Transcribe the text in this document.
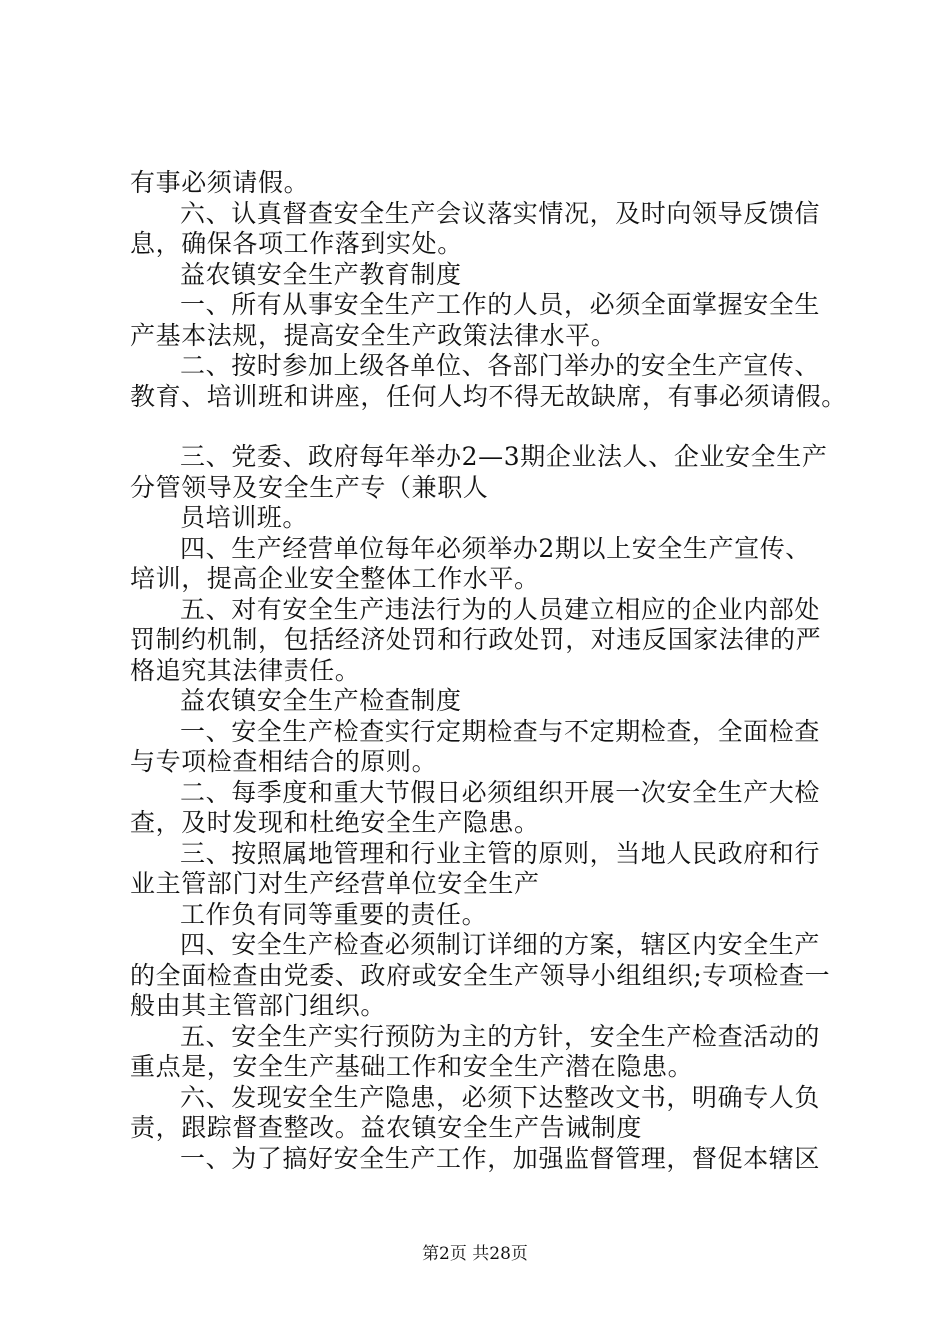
有事必须请假。
六、认真督查安全生产会议落实情况，及时向领导反馈信
息，确保各项工作落到实处。
益农镇安全生产教育制度
一、所有从事安全生产工作的人员，必须全面掌握安全生
产基本法规，提高安全生产政策法律水平。
二、按时参加上级各单位、各部门举办的安全生产宣传、
教育、培训班和讲座，任何人均不得无故缺席，有事必须请假。
三、党委、政府每年举办2—3期企业法人、企业安全生产
分管领导及安全生产专（兼职人
员培训班。
四、生产经营单位每年必须举办2期以上安全生产宣传、
培训，提高企业安全整体工作水平。
五、对有安全生产违法行为的人员建立相应的企业内部处
罚制约机制，包括经济处罚和行政处罚，对违反国家法律的严
格追究其法律责任。
益农镇安全生产检查制度
一、安全生产检查实行定期检查与不定期检查，全面检查
与专项检查相结合的原则。
二、每季度和重大节假日必须组织开展一次安全生产大检
查，及时发现和杜绝安全生产隐患。
三、按照属地管理和行业主管的原则，当地人民政府和行
业主管部门对生产经营单位安全生产
工作负有同等重要的责任。
四、安全生产检查必须制订详细的方案，辖区内安全生产
的全面检查由党委、政府或安全生产领导小组组织;专项检查一
般由其主管部门组织。
五、安全生产实行预防为主的方针，安全生产检查活动的
重点是，安全生产基础工作和安全生产潜在隐患。
六、发现安全生产隐患，必须下达整改文书，明确专人负
责，跟踪督查整改。益农镇安全生产告诫制度
一、为了搞好安全生产工作，加强监督管理，督促本辖区
第2页 共28页
